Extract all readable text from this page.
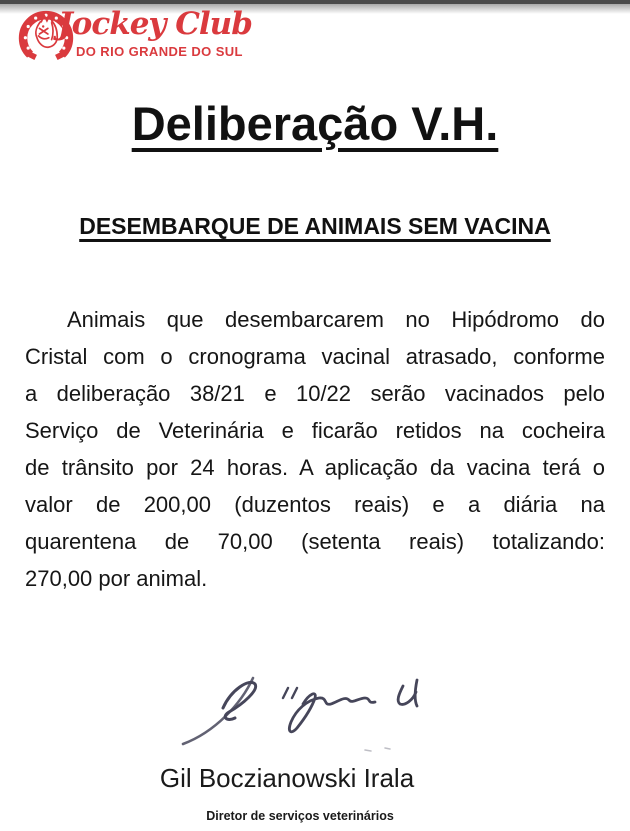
Jockey Club
DO RIO GRANDE DO SUL
Deliberação V.H.
DESEMBARQUE DE ANIMAIS SEM VACINA
Animais que desembarcarem no Hipódromo do
Cristal com o cronograma vacinal atrasado, conforme
a deliberação 38/21 e 10/22 serão vacinados pelo
Serviço de Veterinária e ficarão retidos na cocheira
de trânsito por 24 horas. A aplicação da vacina terá o
valor de 200,00 (duzentos reais) e a diária na
quarentena de 70,00 (setenta reais) totalizando:
270,00 por animal.
Gil Boczianowski Irala
Diretor de serviços veterinários
